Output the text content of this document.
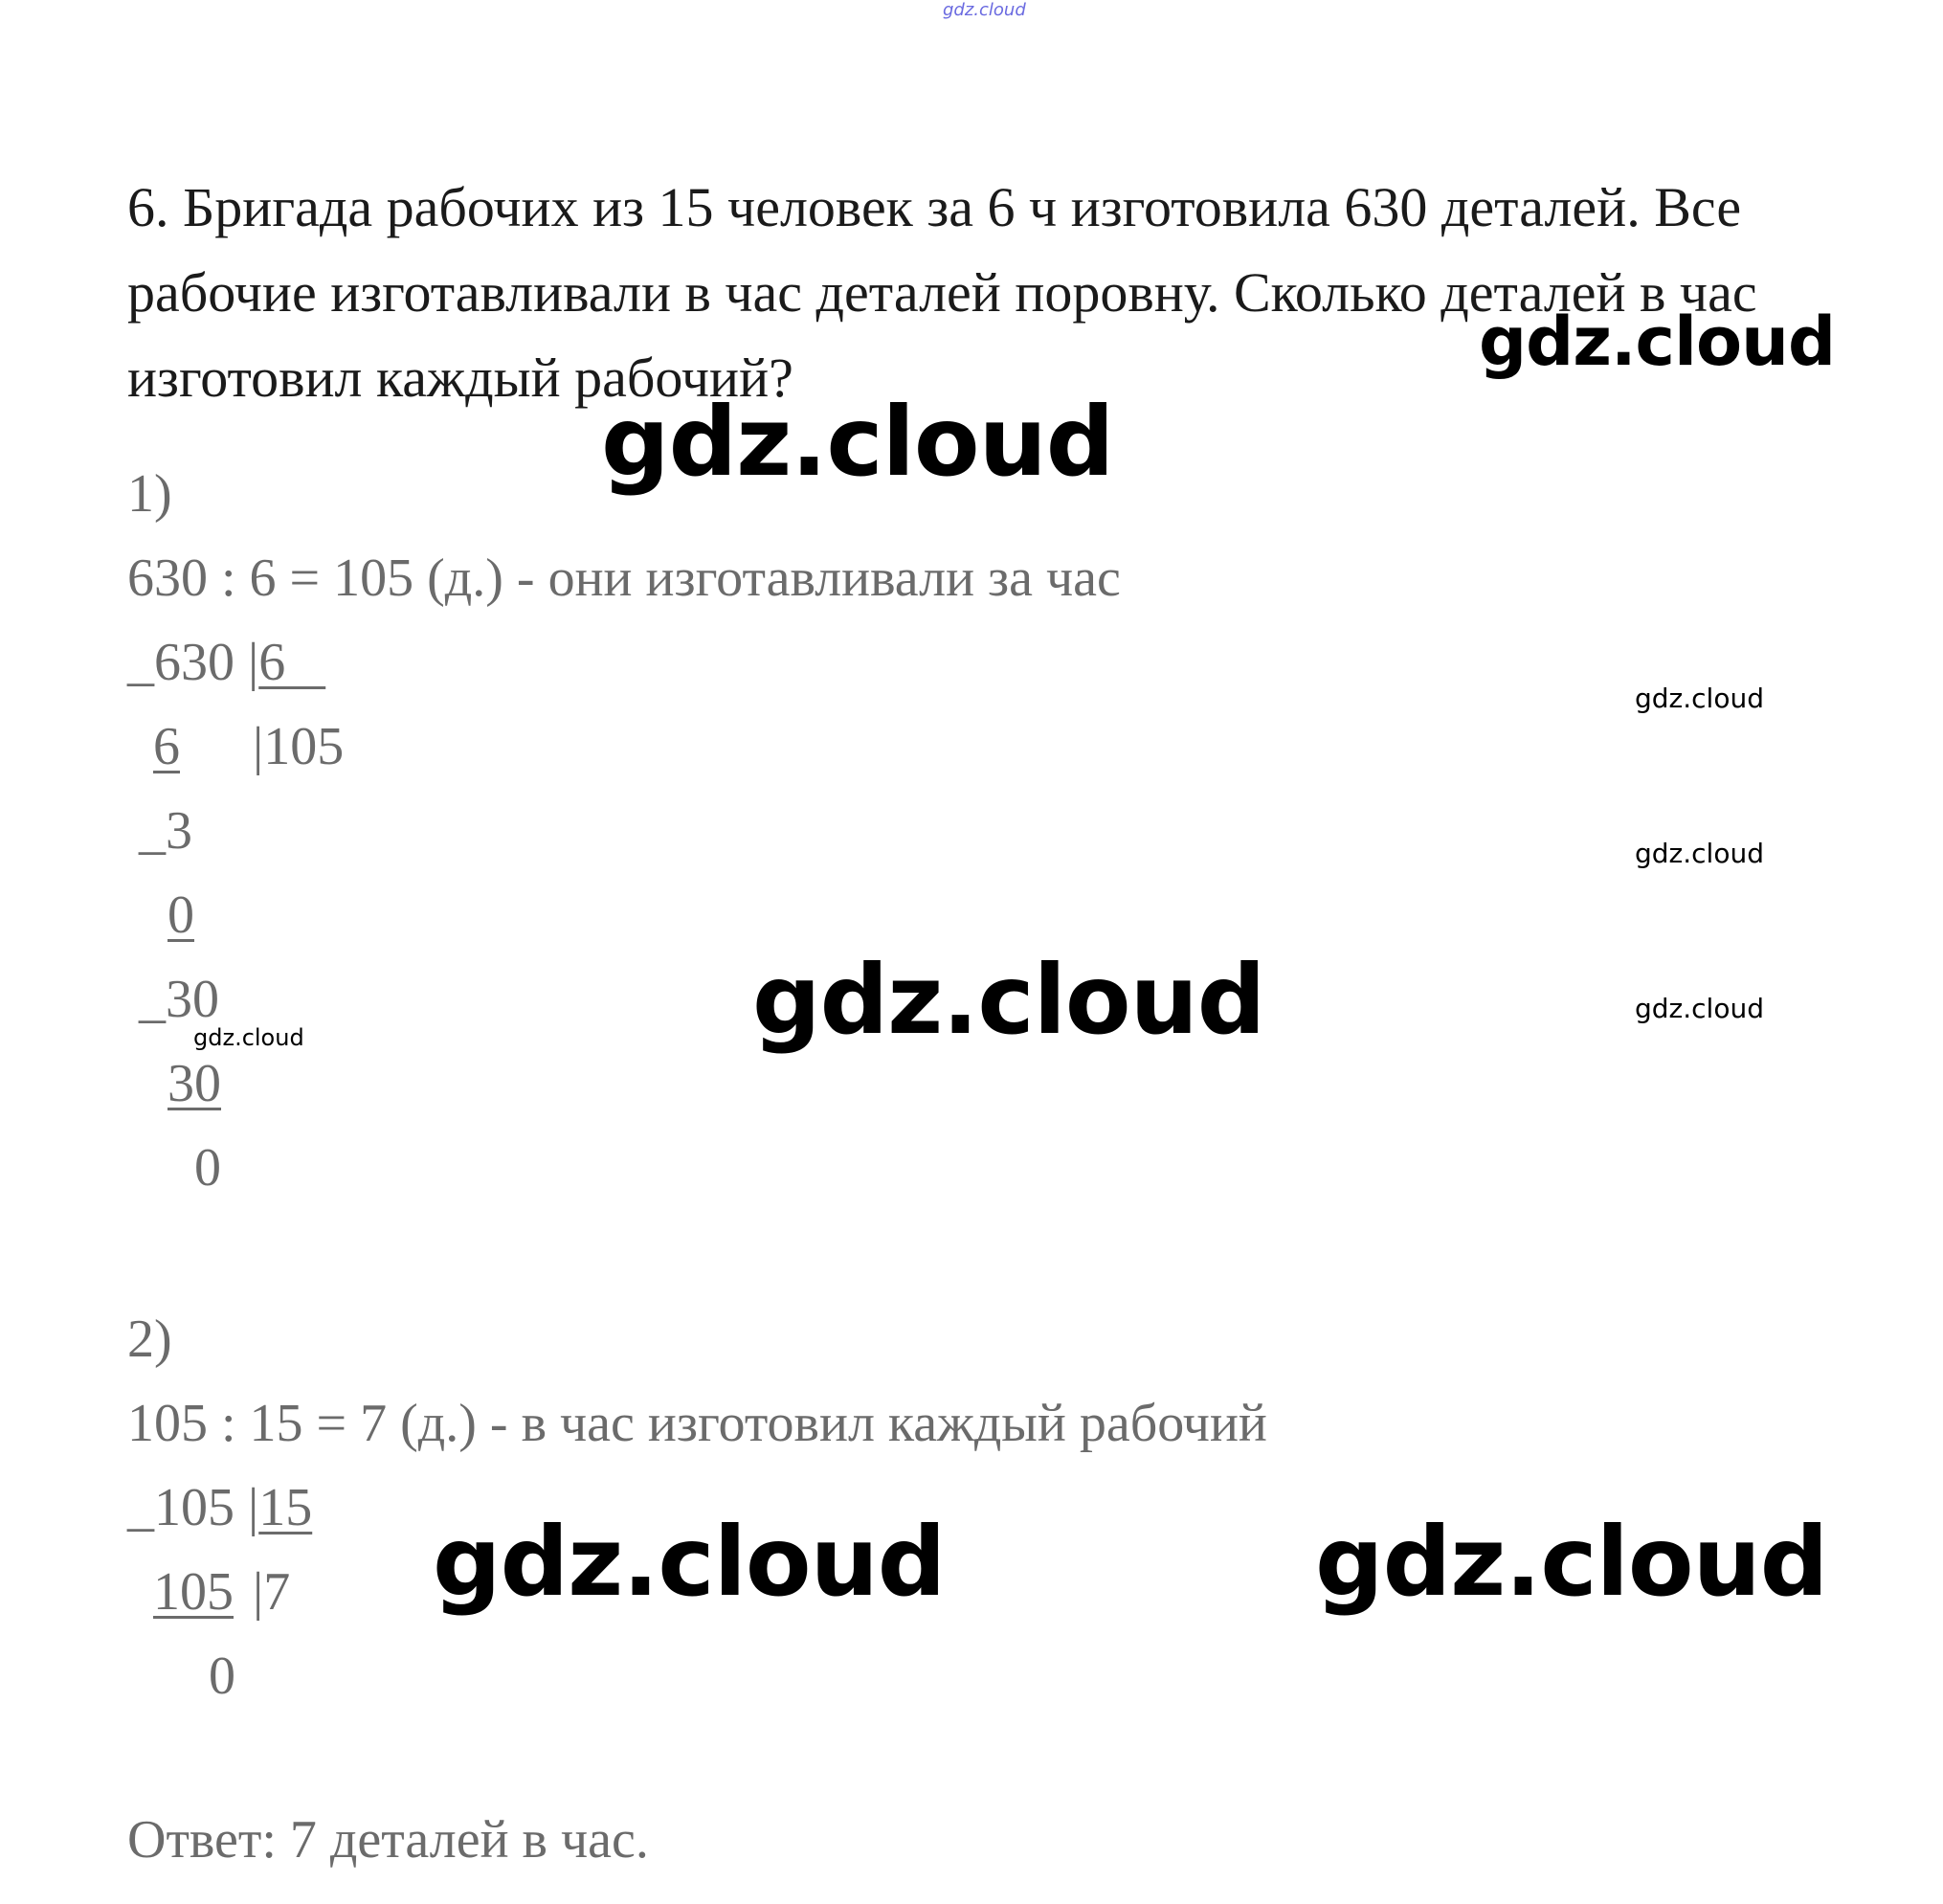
gdz.cloud
6. Бригада рабочих из 15 человек за 6 ч изготовила 630 деталей. Все
рабочие изготавливали в час деталей поровну. Сколько деталей в час
изготовил каждый рабочий?
1)
630 : 6 = 105 (д.) - они изготавливали за час
_630 |6
6 |105
_3
0
_30
30
0
2)
105 : 15 = 7 (д.) - в час изготовил каждый рабочий
_105 |15
105 |7
0
Ответ: 7 деталей в час.
gdz.cloud
gdz.cloud
gdz.cloud
gdz.cloud
gdz.cloud
gdz.cloud	gdz.cloud
gdz.cloud	gdz.cloud
